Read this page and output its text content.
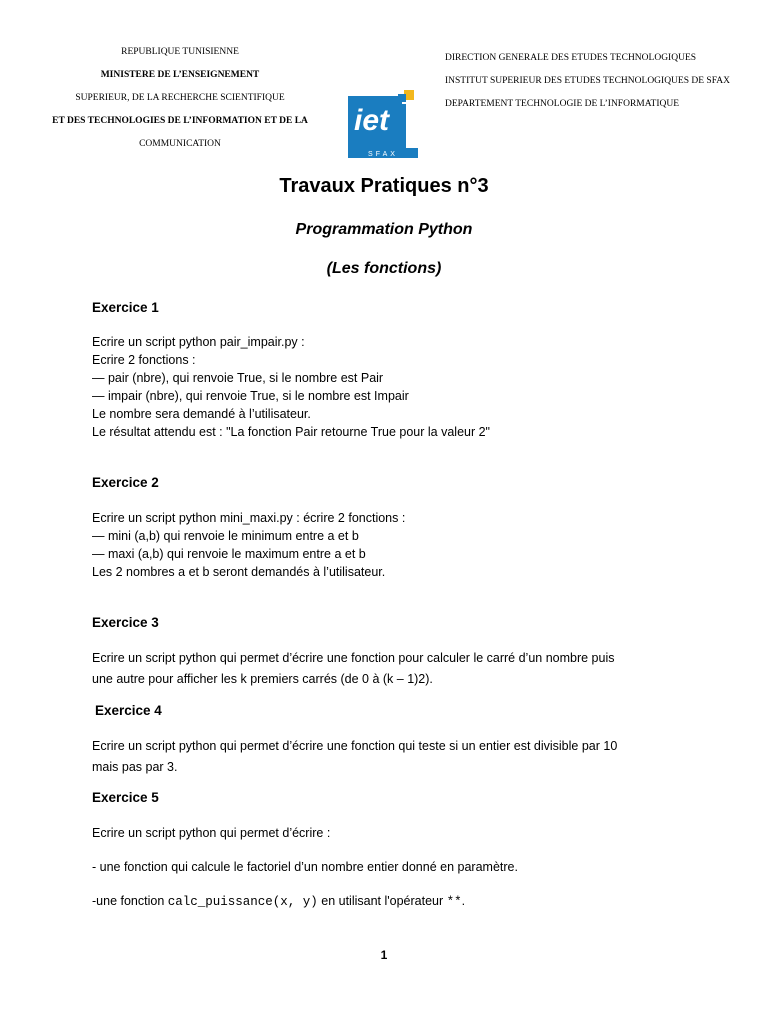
REPUBLIQUE TUNISIENNE
MINISTERE DE L’ENSEIGNEMENT
SUPERIEUR, DE LA RECHERCHE SCIENTIFIQUE
ET DES TECHNOLOGIES DE L’INFORMATION ET DE LA
COMMUNICATION
DIRECTION GENERALE DES ETUDES TECHNOLOGIQUES
INSTITUT SUPERIEUR DES ETUDES TECHNOLOGIQUES DE SFAX
DEPARTEMENT TECHNOLOGIE DE L’INFORMATIQUE
iet
SFAX
Travaux Pratiques n°3
Programmation Python
(Les fonctions)
Exercice 1
Ecrire un script python pair_impair.py :
Ecrire 2 fonctions :
— pair (nbre), qui renvoie True, si le nombre est Pair
— impair (nbre), qui renvoie True, si le nombre est Impair
Le nombre sera demandé à l’utilisateur.
Le résultat attendu est : "La fonction Pair retourne True pour la valeur 2"
Exercice 2
Ecrire un script python mini_maxi.py : écrire 2 fonctions :
— mini (a,b) qui renvoie le minimum entre a et b
— maxi (a,b) qui renvoie le maximum entre a et b
Les 2 nombres a et b seront demandés à l’utilisateur.
Exercice 3
Ecrire un script python qui permet d’écrire une fonction pour calculer le carré d’un nombre puis
une autre pour afficher les k premiers carrés (de 0 à (k – 1)2).
Exercice 4
Ecrire un script python qui permet d’écrire une fonction qui teste si un entier est divisible par 10
mais pas par 3.
Exercice 5
Ecrire un script python qui permet d’écrire :
- une fonction qui calcule le factoriel d’un nombre entier donné en paramètre.
-une fonction calc_puissance(x, y) en utilisant l'opérateur **.
1
